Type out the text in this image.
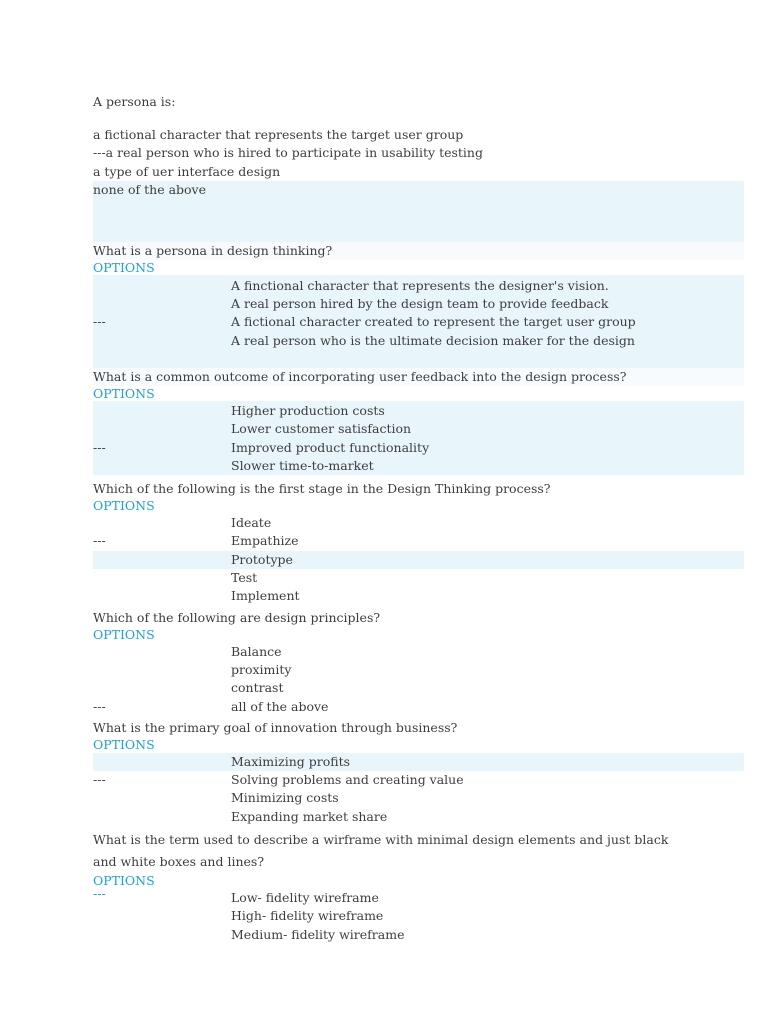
A persona is:
a fictional character that represents the target user group
---a real person who is hired to participate in usability testing
a type of uer interface design
none of the above
What is a persona in design thinking?
OPTIONS
A finctional character that represents the designer's vision.
A real person hired by the design team to provide feedback
---	A fictional character created to represent the target user group
A real person who is the ultimate decision maker for the design
What is a common outcome of incorporating user feedback into the design process?
OPTIONS
Higher production costs
Lower customer satisfaction
---	Improved product functionality
Slower time-to-market
Which of the following is the first stage in the Design Thinking process?
OPTIONS
Ideate
---	Empathize
Prototype
Test
Implement
Which of the following are design principles?
OPTIONS
Balance
proximity
contrast
---	all of the above
What is the primary goal of innovation through business?
OPTIONS
Maximizing profits
---	Solving problems and creating value
Minimizing costs
Expanding market share
What is the term used to describe a wirframe with minimal design elements and just black and white boxes and lines?
OPTIONS
---	Low- fidelity wireframe
High- fidelity wireframe
Medium- fidelity wireframe
